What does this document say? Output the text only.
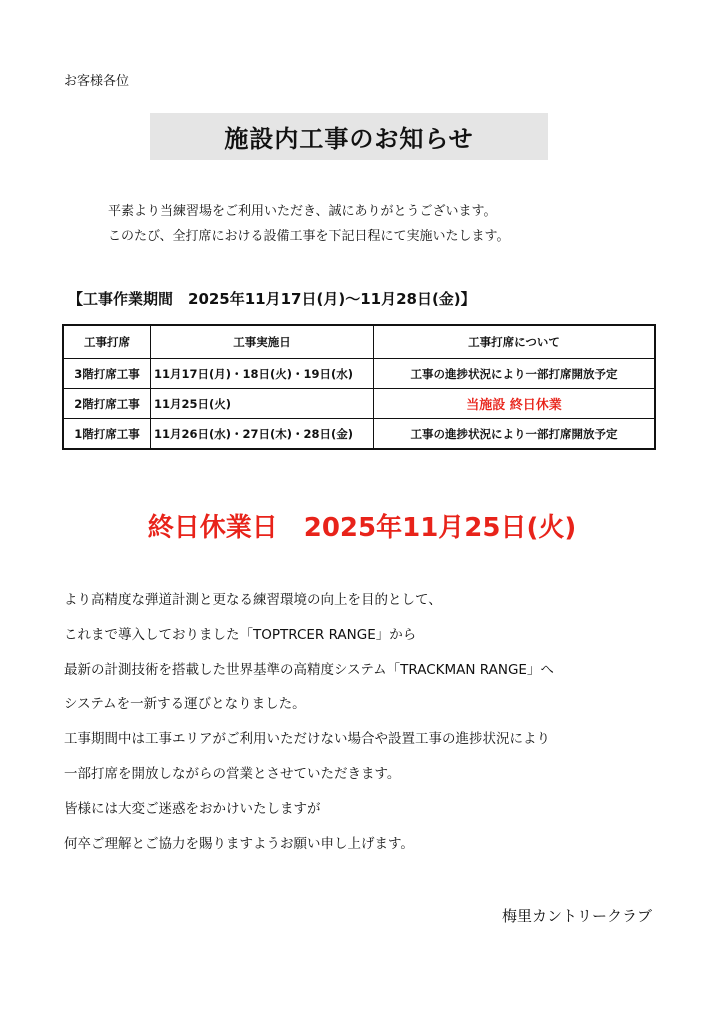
お客様各位
施設内工事のお知らせ
平素より当練習場をご利用いただき、誠にありがとうございます。
このたび、全打席における設備工事を下記日程にて実施いたします。
【工事作業期間　2025年11月17日(月)～11月28日(金)】
工事打席	工事実施日	工事打席について
3階打席工事	11月17日(月)・18日(火)・19日(水)	工事の進捗状況により一部打席開放予定
2階打席工事	11月25日(火)	当施設 終日休業
1階打席工事	11月26日(水)・27日(木)・28日(金)	工事の進捗状況により一部打席開放予定
終日休業日　2025年11月25日(火)
より高精度な弾道計測と更なる練習環境の向上を目的として、
これまで導入しておりました「TOPTRCER RANGE」から
最新の計測技術を搭載した世界基準の高精度システム「TRACKMAN RANGE」へ
システムを一新する運びとなりました。
工事期間中は工事エリアがご利用いただけない場合や設置工事の進捗状況により
一部打席を開放しながらの営業とさせていただきます。
皆様には大変ご迷惑をおかけいたしますが
何卒ご理解とご協力を賜りますようお願い申し上げます。
梅里カントリークラブ
